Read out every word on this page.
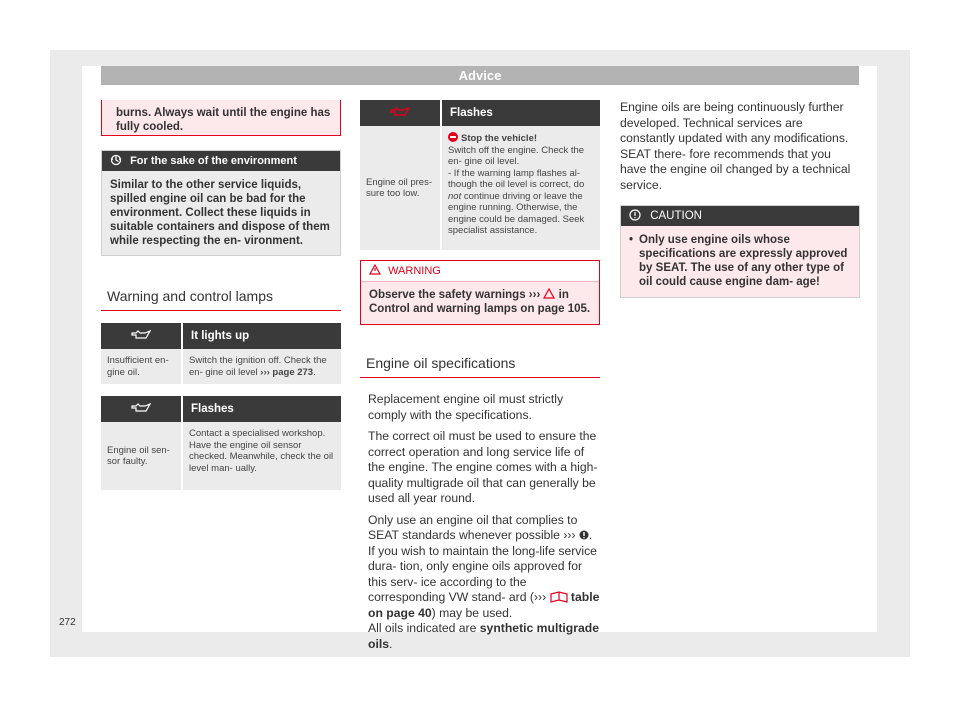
Advice
burns. Always wait until the engine has fully cooled.
For the sake of the environment
Similar to the other service liquids, spilled engine oil can be bad for the environment. Collect these liquids in suitable containers and dispose of them while respecting the en- vironment.
Warning and control lamps
	It lights up
Insufficient en- gine oil.	Switch the ignition off. Check the en- gine oil level ››› page 273.
	Flashes
Engine oil sen- sor faulty.	Contact a specialised workshop. Have the engine oil sensor checked. Meanwhile, check the oil level man- ually.
	Flashes
Engine oil pres- sure too low.	Stop the vehicle!
Switch off the engine. Check the en- gine oil level.
- If the warning lamp flashes al- though the oil level is correct, do not continue driving or leave the engine running. Otherwise, the engine could be damaged. Seek specialist assistance.
WARNING
Observe the safety warnings ›››  in Control and warning lamps on page 105.
Engine oil specifications

Replacement engine oil must strictly comply with the specifications.

The correct oil must be used to ensure the correct operation and long service life of the engine. The engine comes with a high-quality multigrade oil that can generally be used all year round.

Only use an engine oil that complies to SEAT standards whenever possible ››› . If you wish to maintain the long-life service dura- tion, only engine oils approved for this serv- ice according to the corresponding VW stand- ard (›››  table on page 40) may be used.
All oils indicated are synthetic multigrade oils.

Engine oils are being continuously further developed. Technical services are constantly updated with any modifications. SEAT there- fore recommends that you have the engine oil changed by a technical service.
CAUTION
• Only use engine oils whose specifications are expressly approved by SEAT. The use of any other type of oil could cause engine dam- age!
272
